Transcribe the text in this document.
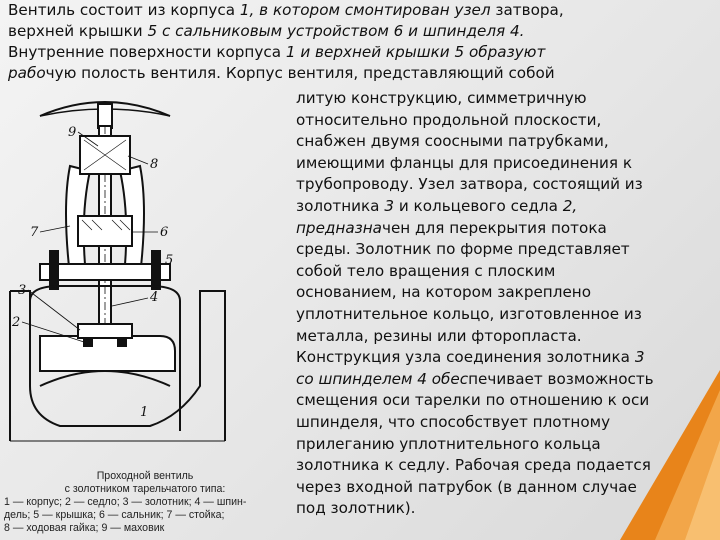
Вентиль состоит из корпуса 1, в котором смонтирован узел затвора,

верхней крышки 5 с сальниковым устройством 6 и шпинделя 4.

Внутренние поверхности корпуса 1 и верхней крышки 5 образуют

рабочую полость вентиля. Корпус вентиля, представляющий собой

литую конструкцию, симметричную

относительно продольной плоскости,

снабжен двумя соосными патрубками,

имеющими фланцы для присоединения к

трубопроводу. Узел затвора, состоящий из

золотника 3 и кольцевого седла 2,

предназначен для перекрытия потока

среды. Золотник по форме представляет

собой тело вращения с плоским

основанием, на котором закреплено

уплотнительное кольцо, изготовленное из

металла, резины или фторопласта.

Конструкция узла соединения золотника 3

со шпинделем 4 обеспечивает возможность

смещения оси тарелки по отношению к оси

шпинделя, что способствует плотному

прилеганию уплотнительного кольца

золотника к седлу. Рабочая среда подается

через входной патрубок (в данном случае

под золотник).

9
8
7	6
5
4
3
2
1
Проходной вентиль
с золотником тарельчатого типа:
1 — корпус; 2 — седло; 3 — золотник; 4 — шпин-
дель; 5 — крышка; 6 — сальник; 7 — стойка;
8 — ходовая гайка; 9 — маховик
